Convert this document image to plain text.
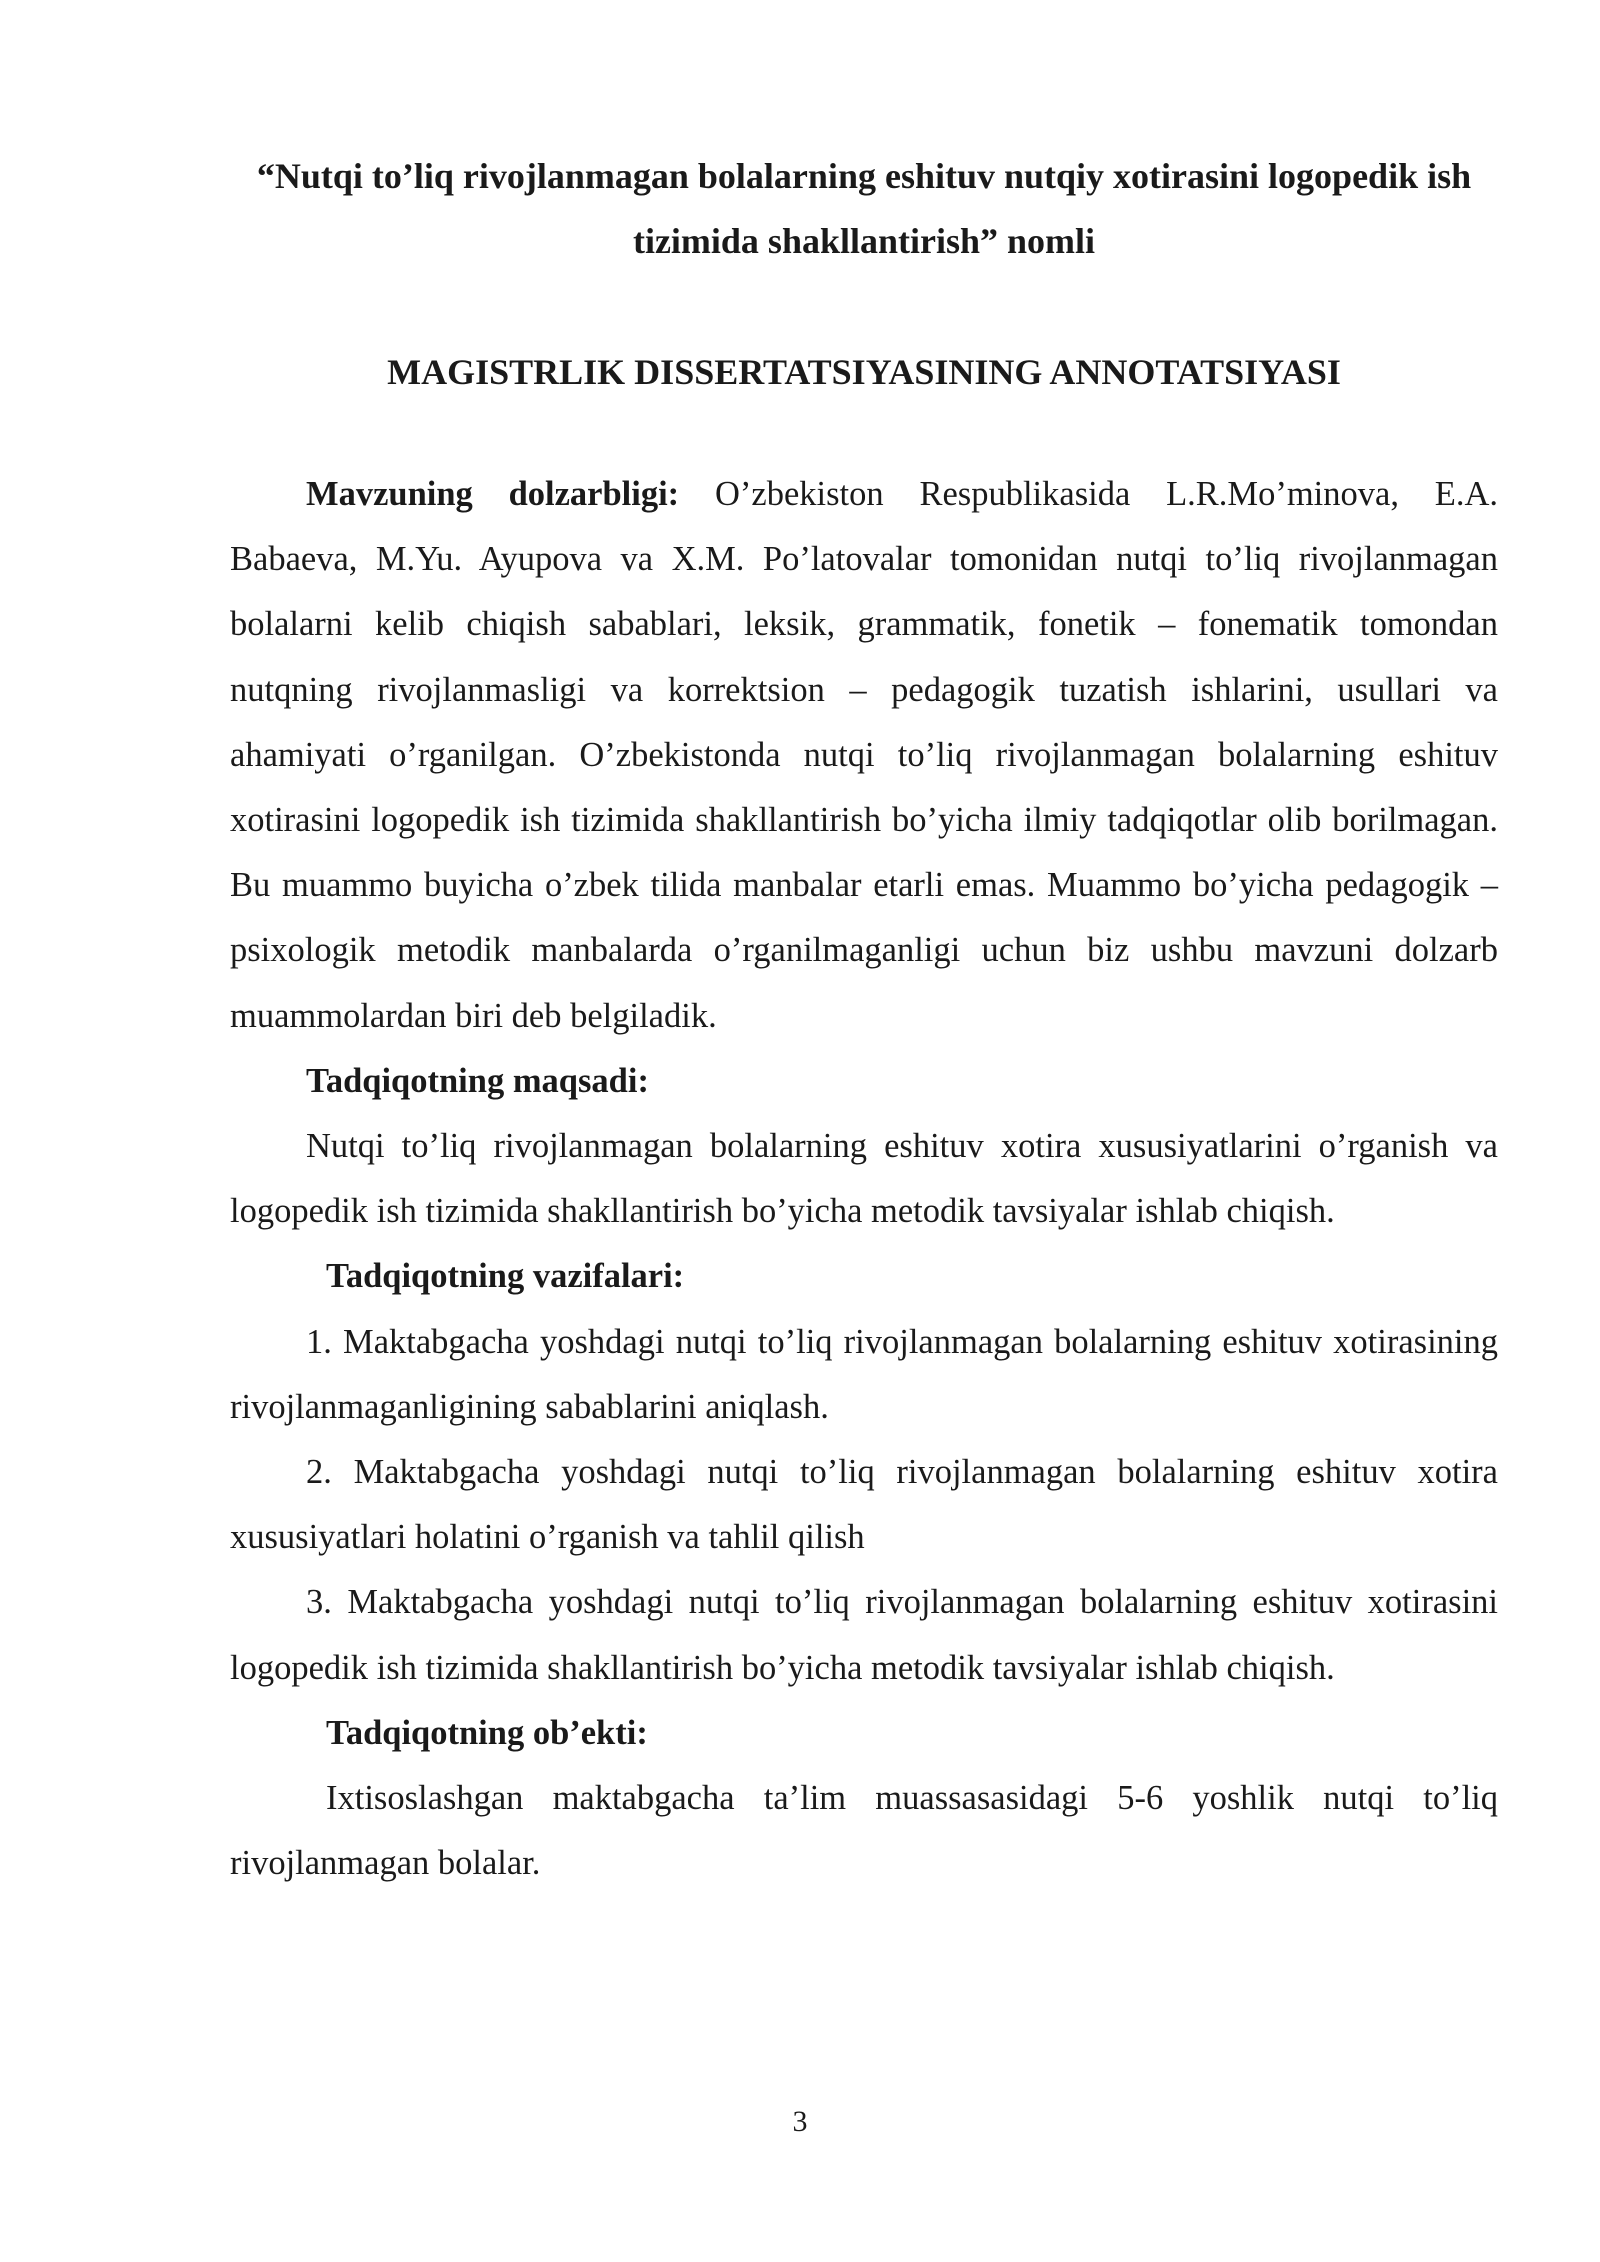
“Nutqi to’liq rivojlanmagan bolalarning eshituv nutqiy xotirasini logopedik ish tizimida shakllantirish” nomli
MAGISTRLIK DISSERTATSIYASINING ANNOTATSIYASI

Mavzuning dolzarbligi: O’zbekiston Respublikasida L.R.Mo’minova, E.A. Babaeva, M.Yu. Ayupova va X.M. Po’latovalar tomonidan nutqi to’liq rivojlanmagan bolalarni kelib chiqish sabablari, leksik, grammatik, fonetik – fonematik tomondan nutqning rivojlanmasligi va korrektsion – pedagogik tuzatish ishlarini, usullari va ahamiyati o’rganilgan. O’zbekistonda nutqi to’liq rivojlanmagan bolalarning eshituv xotirasini logopedik ish tizimida shakllantirish bo’yicha ilmiy tadqiqotlar olib borilmagan. Bu muammo buyicha o’zbek tilida manbalar etarli emas. Muammo bo’yicha pedagogik – psixologik metodik manbalarda o’rganilmaganligi uchun biz ushbu mavzuni dolzarb muammolardan biri deb belgiladik.

Tadqiqotning maqsadi:

Nutqi to’liq rivojlanmagan bolalarning eshituv xotira xususiyatlarini o’rganish va logopedik ish tizimida shakllantirish bo’yicha metodik tavsiyalar ishlab chiqish.

Tadqiqotning vazifalari:

1. Maktabgacha yoshdagi nutqi to’liq rivojlanmagan bolalarning eshituv xotirasining rivojlanmaganligining sabablarini aniqlash.

2. Maktabgacha yoshdagi nutqi to’liq rivojlanmagan bolalarning eshituv xotira xususiyatlari holatini o’rganish va tahlil qilish

3. Maktabgacha yoshdagi nutqi to’liq rivojlanmagan bolalarning eshituv xotirasini logopedik ish tizimida shakllantirish bo’yicha metodik tavsiyalar ishlab chiqish.

Tadqiqotning ob’ekti:

Ixtisoslashgan maktabgacha ta’lim muassasasidagi 5-6 yoshlik nutqi to’liq rivojlanmagan bolalar.

3
